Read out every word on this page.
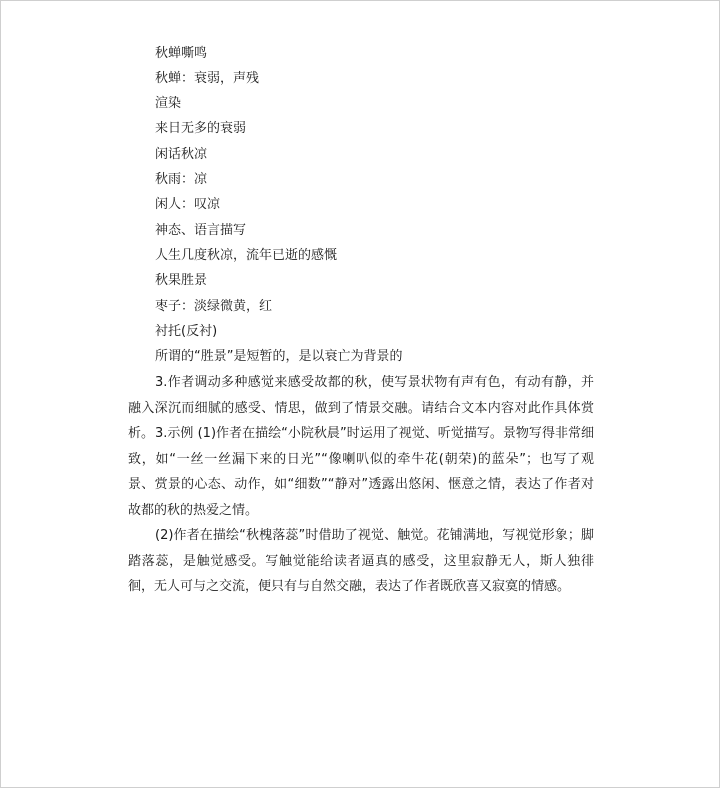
秋蝉嘶鸣
秋蝉：衰弱，声残
渲染
来日无多的衰弱
闲话秋凉
秋雨：凉
闲人：叹凉
神态、语言描写
人生几度秋凉，流年已逝的感慨
秋果胜景
枣子：淡绿微黄，红
衬托(反衬)
所谓的“胜景”是短暂的，是以衰亡为背景的
3.作者调动多种感觉来感受故都的秋，使写景状物有声有色，有动有静，并融入深沉而细腻的感受、情思，做到了情景交融。请结合文本内容对此作具体赏析。 3.示例 (1)作者在描绘“小院秋晨”时运用了视觉、听觉描写。景物写得非常细致，如“一丝一丝漏下来的日光”“像喇叭似的牵牛花(朝荣)的蓝朵”；也写了观景、赏景的心态、动作，如“细数”“静对”透露出悠闲、惬意之情，表达了作者对故都的秋的热爱之情。
(2)作者在描绘“秋槐落蕊”时借助了视觉、触觉。花铺满地，写视觉形象；脚踏落蕊，是触觉感受。写触觉能给读者逼真的感受，这里寂静无人，斯人独徘徊，无人可与之交流，便只有与自然交融，表达了作者既欣喜又寂寞的情感。
